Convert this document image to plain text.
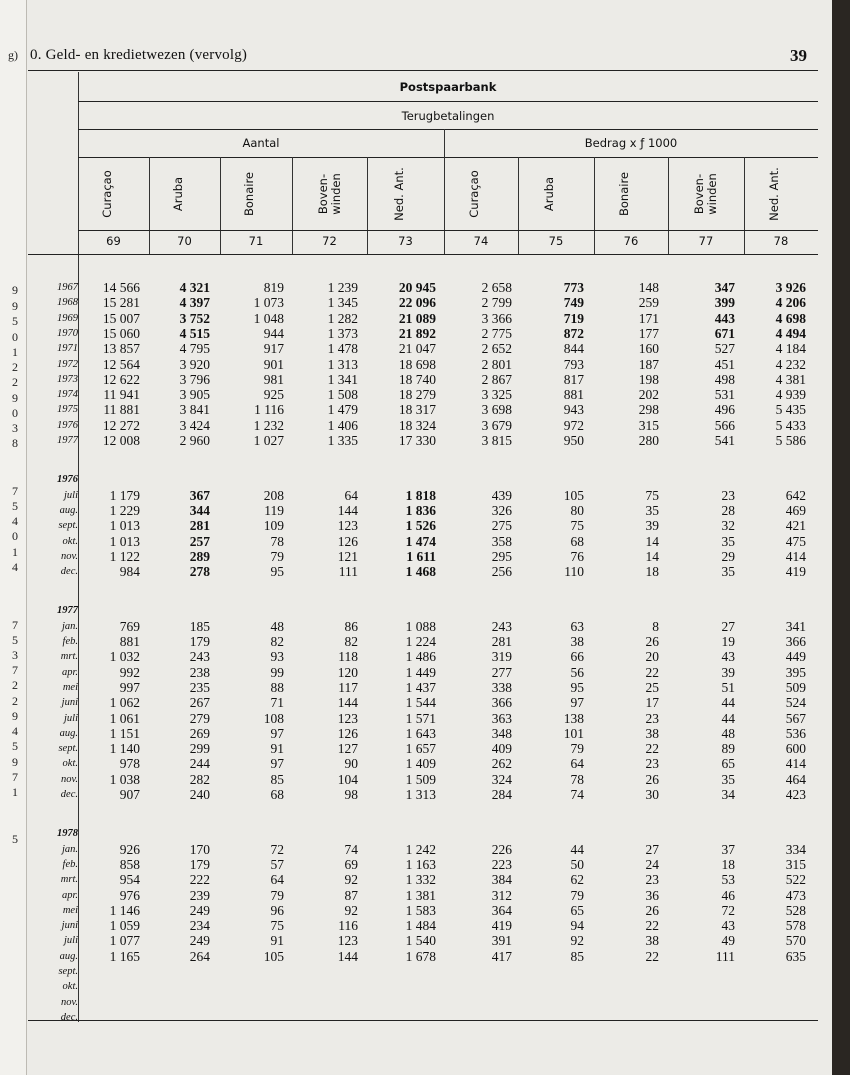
g)
9
9
5
0
1
2
2
9
0
3
8
7
5
4
0
1
4
7
5
3
7
2
2
9
4
5
9
7
1
5
0. Geld- en kredietwezen (vervolg)	39
Postspaarbank
Terugbetalingen
Aantal	Bedrag x ƒ 1000
Curaçao
69
Aruba
70
Bonaire
71
Boven-
winden
72
Ned. Ant.
73
Curaçao
74
Aruba
75
Bonaire
76
Boven-
winden
77
Ned. Ant.
78
1967	14 566	4 321	819	1 239	20 945	2 658	773	148	347	3 926
1968	15 281	4 397	1 073	1 345	22 096	2 799	749	259	399	4 206
1969	15 007	3 752	1 048	1 282	21 089	3 366	719	171	443	4 698
1970	15 060	4 515	944	1 373	21 892	2 775	872	177	671	4 494
1971	13 857	4 795	917	1 478	21 047	2 652	844	160	527	4 184
1972	12 564	3 920	901	1 313	18 698	2 801	793	187	451	4 232
1973	12 622	3 796	981	1 341	18 740	2 867	817	198	498	4 381
1974	11 941	3 905	925	1 508	18 279	3 325	881	202	531	4 939
1975	11 881	3 841	1 116	1 479	18 317	3 698	943	298	496	5 435
1976	12 272	3 424	1 232	1 406	18 324	3 679	972	315	566	5 433
1977	12 008	2 960	1 027	1 335	17 330	3 815	950	280	541	5 586
1976
juli	1 179	367	208	64	1 818	439	105	75	23	642
aug.	1 229	344	119	144	1 836	326	80	35	28	469
sept.	1 013	281	109	123	1 526	275	75	39	32	421
okt.	1 013	257	78	126	1 474	358	68	14	35	475
nov.	1 122	289	79	121	1 611	295	76	14	29	414
dec.	984	278	95	111	1 468	256	110	18	35	419
1977
jan.	769	185	48	86	1 088	243	63	8	27	341
feb.	881	179	82	82	1 224	281	38	26	19	366
mrt.	1 032	243	93	118	1 486	319	66	20	43	449
apr.	992	238	99	120	1 449	277	56	22	39	395
mei	997	235	88	117	1 437	338	95	25	51	509
juni	1 062	267	71	144	1 544	366	97	17	44	524
juli	1 061	279	108	123	1 571	363	138	23	44	567
aug.	1 151	269	97	126	1 643	348	101	38	48	536
sept.	1 140	299	91	127	1 657	409	79	22	89	600
okt.	978	244	97	90	1 409	262	64	23	65	414
nov.	1 038	282	85	104	1 509	324	78	26	35	464
dec.	907	240	68	98	1 313	284	74	30	34	423
1978
jan.	926	170	72	74	1 242	226	44	27	37	334
feb.	858	179	57	69	1 163	223	50	24	18	315
mrt.	954	222	64	92	1 332	384	62	23	53	522
apr.	976	239	79	87	1 381	312	79	36	46	473
mei	1 146	249	96	92	1 583	364	65	26	72	528
juni	1 059	234	75	116	1 484	419	94	22	43	578
juli	1 077	249	91	123	1 540	391	92	38	49	570
aug.	1 165	264	105	144	1 678	417	85	22	111	635
sept.
okt.
nov.
dec.
